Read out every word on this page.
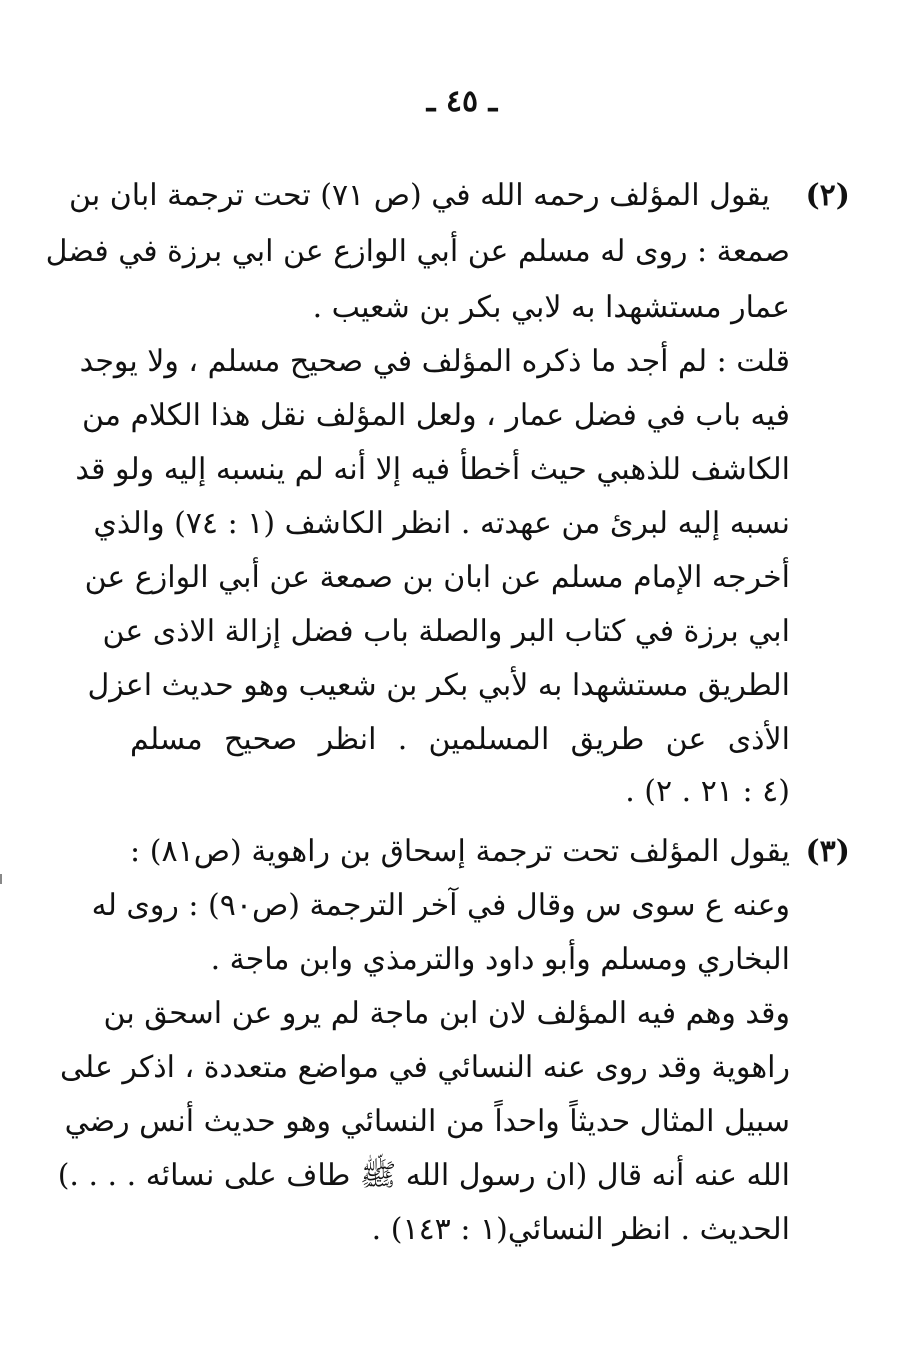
ـ ٤٥ ـ
(٢)
يقول المؤلف رحمه الله في (ص ٧١) تحت ترجمة ابان بن
صمعة : روى له مسلم عن أبي الوازع عن ابي برزة في فضل
عمار مستشهدا به لابي بكر بن شعيب .
قلت : لم أجد ما ذكره المؤلف في صحيح مسلم ، ولا يوجد
فيه باب في فضل عمار ، ولعل المؤلف نقل هذا الكلام من
الكاشف للذهبي حيث أخطأ فيه إلا أنه لم ينسبه إليه ولو قد
نسبه إليه لبرئ من عهدته . انظر الكاشف (١ : ٧٤) والذي
أخرجه الإمام مسلم عن ابان بن صمعة عن أبي الوازع عن
ابي برزة في كتاب البر والصلة باب فضل إزالة الاذى عن
الطريق مستشهدا به لأبي بكر بن شعيب وهو حديث اعزل
الأذى عن طريق المسلمين . انظر صحيح مسلم
(٤ : ٢١ . ٢) .
(٣)
يقول المؤلف تحت ترجمة إسحاق بن راهوية (ص٨١) :
وعنه ع سوى س وقال في آخر الترجمة (ص٩٠) : روى له
البخاري ومسلم وأبو داود والترمذي وابن ماجة .
وقد وهم فيه المؤلف لان ابن ماجة لم يرو عن اسحق بن
راهوية وقد روى عنه النسائي في مواضع متعددة ، اذكر على
سبيل المثال حديثاً واحداً من النسائي وهو حديث أنس رضي
الله عنه أنه قال (ان رسول الله ﷺ طاف على نسائه . . . .)
الحديث . انظر النسائي(١ : ١٤٣) .
